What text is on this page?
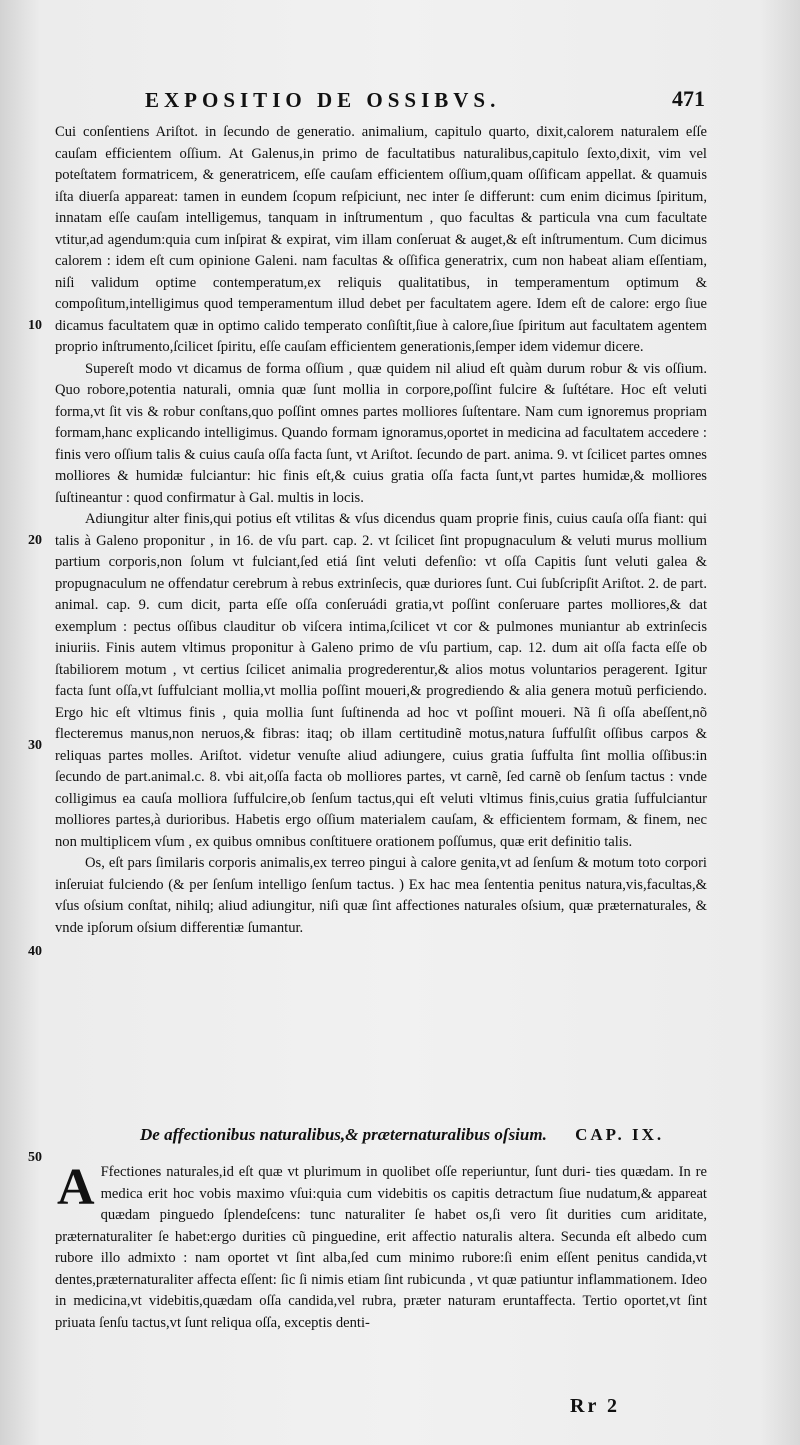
EXPOSITIO DE OSSIBVS.	471
10
20
30
40
50

Cui conſentiens Ariſtot. in ſecundo de generatio. animalium, capitulo quarto, dixit,calorem naturalem eſſe cauſam efficientem oſſium. At Galenus,in primo de facultatibus naturalibus,capitulo ſexto,dixit, vim vel poteſtatem formatricem, & generatricem, eſſe cauſam efficientem oſſium,quam oſſificam appellat. & quamuis iſta diuerſa appareat: tamen in eundem ſcopum reſpiciunt, nec inter ſe differunt: cum enim dicimus ſpiritum, innatam eſſe cauſam intelligemus, tanquam in inſtrumentum , quo facultas & particula vna cum facultate vtitur,ad agendum:quia cum inſpirat & expirat, vim illam conſeruat & auget,& eſt inſtrumentum. Cum dicimus calorem : idem eſt cum opinione Galeni. nam facultas & oſſifica generatrix, cum non habeat aliam eſſentiam, niſi validum optime contemperatum,ex reliquis qualitatibus, in temperamentum optimum & compoſitum,intelligimus quod temperamentum illud debet per facultatem agere. Idem eſt de calore: ergo ſiue dicamus facultatem quæ in optimo calido temperato conſiſtit,ſiue à calore,ſiue ſpiritum aut facultatem agentem proprio inſtrumento,ſcilicet ſpiritu, eſſe cauſam efficientem generationis,ſemper idem videmur dicere.

Supereſt modo vt dicamus de forma oſſium , quæ quidem nil aliud eſt quàm durum robur & vis oſſium. Quo robore,potentia naturali, omnia quæ ſunt mollia in corpore,poſſint fulcire & ſuſtétare. Hoc eſt veluti forma,vt ſit vis & robur conſtans,quo poſſint omnes partes molliores ſuſtentare. Nam cum ignoremus propriam formam,hanc explicando intelligimus. Quando formam ignoramus,oportet in medicina ad facultatem accedere : finis vero oſſium talis & cuius cauſa oſſa facta ſunt, vt Ariſtot. ſecundo de part. anima. 9. vt ſcilicet partes omnes molliores & humidæ fulciantur: hic finis eſt,& cuius gratia oſſa facta ſunt,vt partes humidæ,& molliores ſuſtineantur : quod confirmatur à Gal. multis in locis.

Adiungitur alter finis,qui potius eſt vtilitas & vſus dicendus quam proprie finis, cuius cauſa oſſa fiant: qui talis à Galeno proponitur , in 16. de vſu part. cap. 2. vt ſcilicet ſint propugnaculum & veluti murus mollium partium corporis,non ſolum vt fulciant,ſed etiá ſint veluti defenſio: vt oſſa Capitis ſunt veluti galea & propugnaculum ne offendatur cerebrum à rebus extrinſecis, quæ duriores ſunt. Cui ſubſcripſit Ariſtot. 2. de part. animal. cap. 9. cum dicit, parta eſſe oſſa conſeruádi gratia,vt poſſint conſeruare partes molliores,& dat exemplum : pectus oſſibus clauditur ob viſcera intima,ſcilicet vt cor & pulmones muniantur ab extrinſecis iniuriis. Finis autem vltimus proponitur à Galeno primo de vſu partium, cap. 12. dum ait oſſa facta eſſe ob ſtabiliorem motum , vt certius ſcilicet animalia progrederentur,& alios motus voluntarios peragerent. Igitur facta ſunt oſſa,vt ſuffulciant mollia,vt mollia poſſint moueri,& progrediendo & alia genera motuũ perficiendo. Ergo hic eſt vltimus finis , quia mollia ſunt ſuſtinenda ad hoc vt poſſint moueri. Nã ſi oſſa abeſſent,nõ flecteremus manus,non neruos,& fibras: itaq; ob illam certitudinẽ motus,natura ſuffulſit oſſibus carpos & reliquas partes molles. Ariſtot. videtur venuſte aliud adiungere, cuius gratia ſuffulta ſint mollia oſſibus:in ſecundo de part.animal.c. 8. vbi ait,oſſa facta ob molliores partes, vt carnẽ, ſed carnẽ ob ſenſum tactus : vnde colligimus ea cauſa molliora ſuffulcire,ob ſenſum tactus,qui eſt veluti vltimus finis,cuius gratia ſuffulciantur molliores partes,à durioribus. Habetis ergo oſſium materialem cauſam, & efficientem formam, & finem, nec non multiplicem vſum , ex quibus omnibus conſtituere orationem poſſumus, quæ erit definitio talis.

Os, eſt pars ſimilaris corporis animalis,ex terreo pingui à calore genita,vt ad ſenſum & motum toto corpori inſeruiat fulciendo (& per ſenſum intelligo ſenſum tactus. ) Ex hac mea ſententia penitus natura,vis,facultas,& vſus oſsium conſtat, nihilq; aliud adiungitur, niſi quæ ſint affectiones naturales oſsium, quæ præternaturales, & vnde ipſorum oſsium differentiæ ſumantur.

De affectionibus naturalibus,& præternaturalibus oſsium. CAP. IX.
A Ffectiones naturales,id eſt quæ vt plurimum in quolibet oſſe reperiuntur, ſunt duri- ties quædam. In re medica erit hoc vobis maximo vſui:quia cum videbitis os capitis detractum ſiue nudatum,& appareat quædam pinguedo ſplendeſcens: tunc naturaliter ſe habet os,ſi vero ſit durities cum ariditate, præternaturaliter ſe habet:ergo durities cũ pinguedine, erit affectio naturalis altera. Secunda eſt albedo cum rubore illo admixto : nam oportet vt ſint alba,ſed cum minimo rubore:ſi enim eſſent penitus candida,vt dentes,præternaturaliter affecta eſſent: ſic ſi nimis etiam ſint rubicunda , vt quæ patiuntur inflammationem. Ideo in medicina,vt videbitis,quædam oſſa candida,vel rubra, præter naturam eruntaffecta. Tertio oportet,vt ſint priuata ſenſu tactus,vt ſunt reliqua oſſa, exceptis denti-
Rr 2
